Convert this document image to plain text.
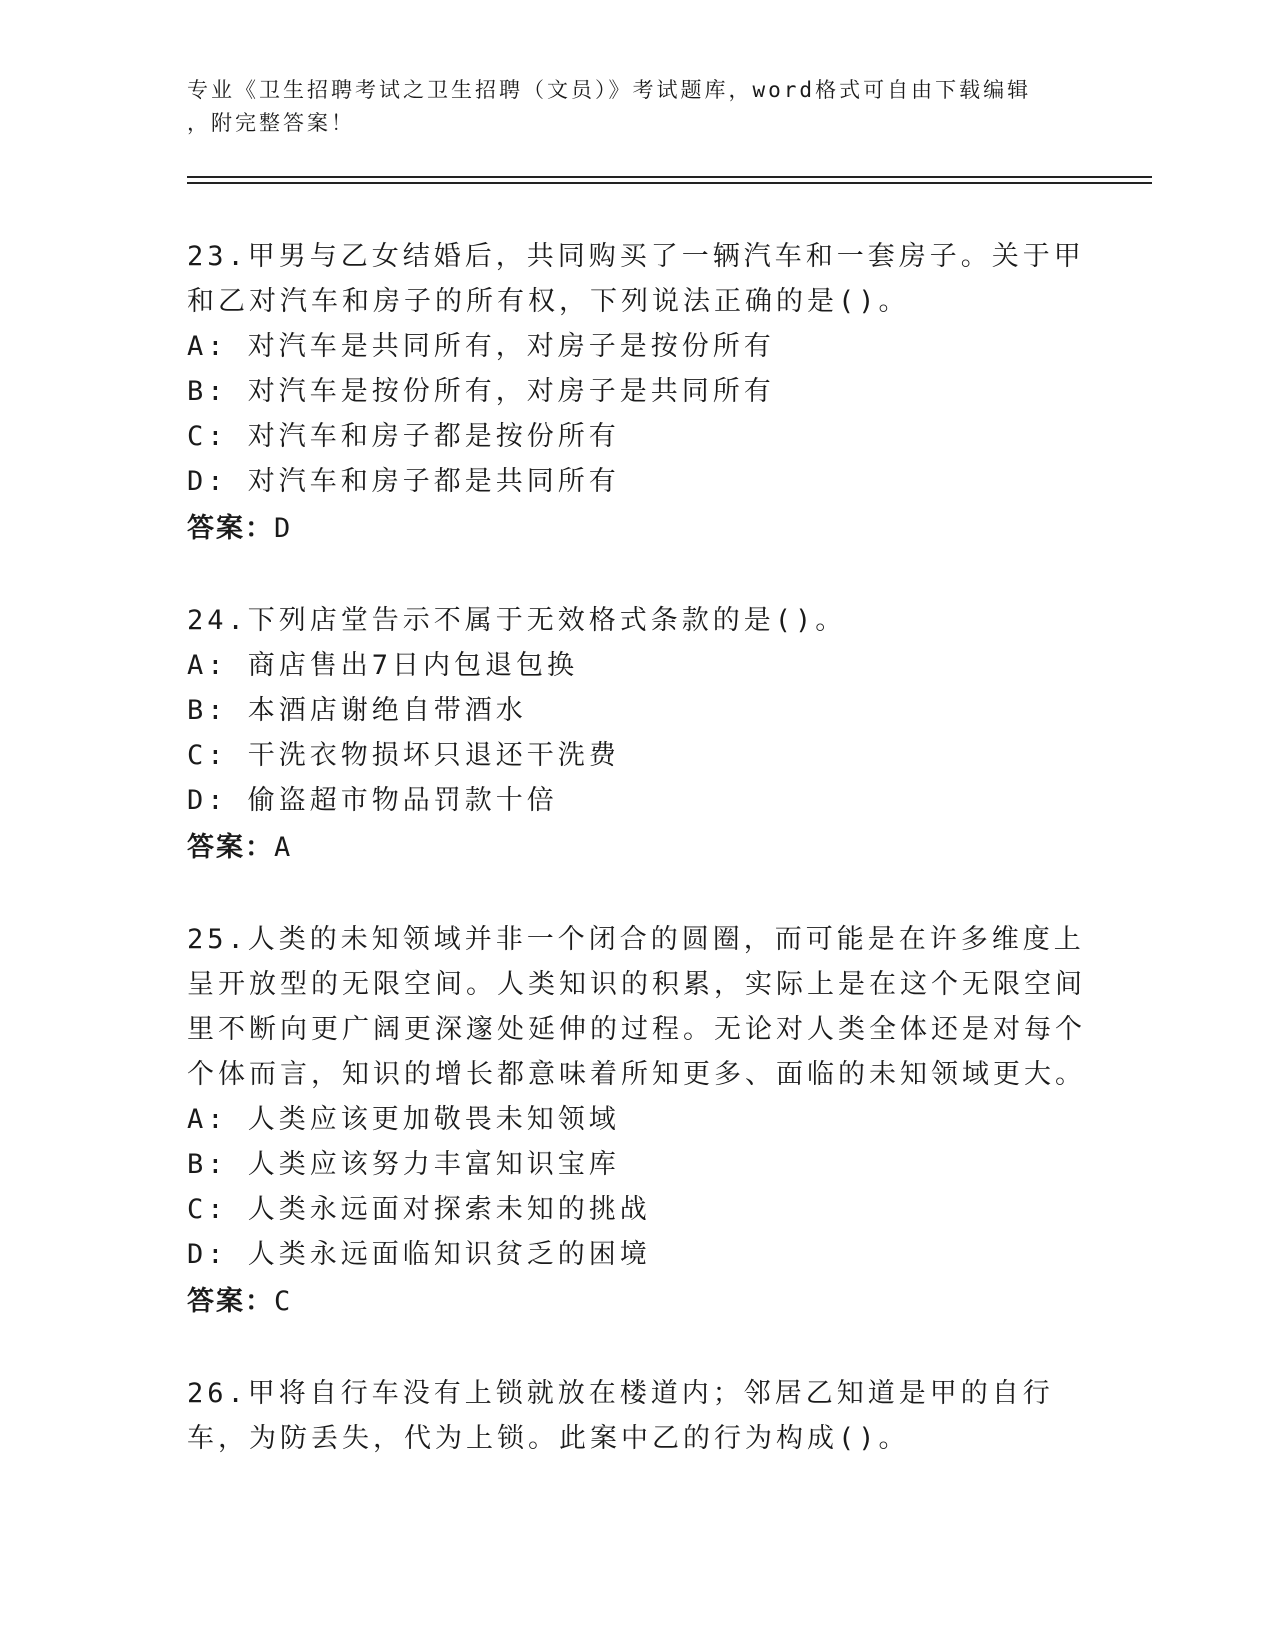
专业《卫生招聘考试之卫生招聘（文员）》考试题库，word格式可自由下载编辑
，附完整答案！
23.甲男与乙女结婚后，共同购买了一辆汽车和一套房子。关于甲和乙对汽车和房子的所有权，下列说法正确的是()。
A: 对汽车是共同所有，对房子是按份所有
B: 对汽车是按份所有，对房子是共同所有
C: 对汽车和房子都是按份所有
D: 对汽车和房子都是共同所有
答案：D
24.下列店堂告示不属于无效格式条款的是()。
A: 商店售出7日内包退包换
B: 本酒店谢绝自带酒水
C: 干洗衣物损坏只退还干洗费
D: 偷盗超市物品罚款十倍
答案：A
25.人类的未知领域并非一个闭合的圆圈，而可能是在许多维度上呈开放型的无限空间。人类知识的积累，实际上是在这个无限空间里不断向更广阔更深邃处延伸的过程。无论对人类全体还是对每个个体而言，知识的增长都意味着所知更多、面临的未知领域更大。
A: 人类应该更加敬畏未知领域
B: 人类应该努力丰富知识宝库
C: 人类永远面对探索未知的挑战
D: 人类永远面临知识贫乏的困境
答案：C
26.甲将自行车没有上锁就放在楼道内；邻居乙知道是甲的自行车，为防丢失，代为上锁。此案中乙的行为构成()。
